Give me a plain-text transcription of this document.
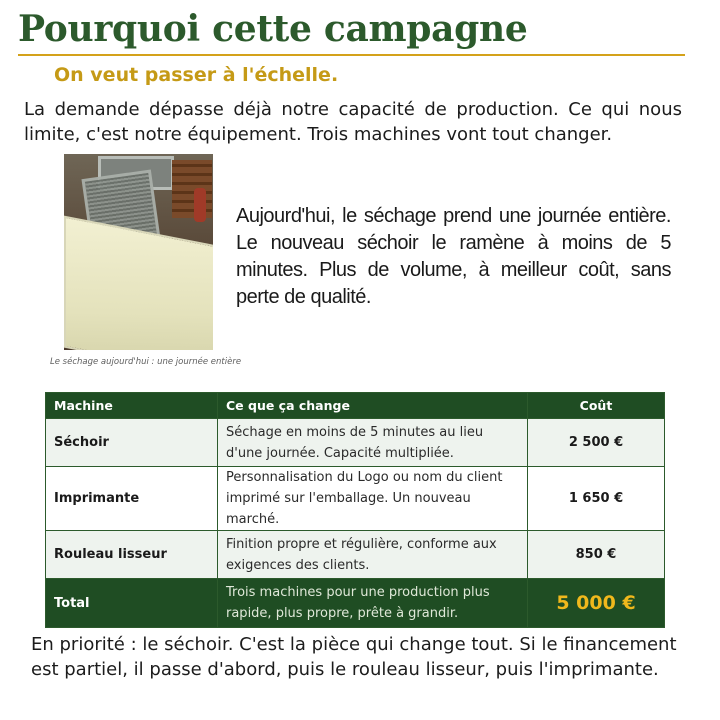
Pourquoi cette campagne
On veut passer à l'échelle.

La demande dépasse déjà notre capacité de production. Ce qui nous limite, c'est notre équipement. Trois machines vont tout changer.

Le séchage aujourd'hui : une journée entière

Aujourd'hui, le séchage prend une journée entière. Le nouveau séchoir le ramène à moins de 5 minutes. Plus de volume, à meilleur coût, sans perte de qualité.

Machine	Ce que ça change	Coût
Séchoir	Séchage en moins de 5 minutes au lieu d'une journée. Capacité multipliée.	2 500 €
Imprimante	Personnalisation du Logo ou nom du client imprimé sur l'emballage. Un nouveau marché.	1 650 €
Rouleau lisseur	Finition propre et régulière, conforme aux exigences des clients.	850 €
Total	Trois machines pour une production plus rapide, plus propre, prête à grandir.	5 000 €

En priorité : le séchoir. C'est la pièce qui change tout. Si le financement est partiel, il passe d'abord, puis le rouleau lisseur, puis l'imprimante.
